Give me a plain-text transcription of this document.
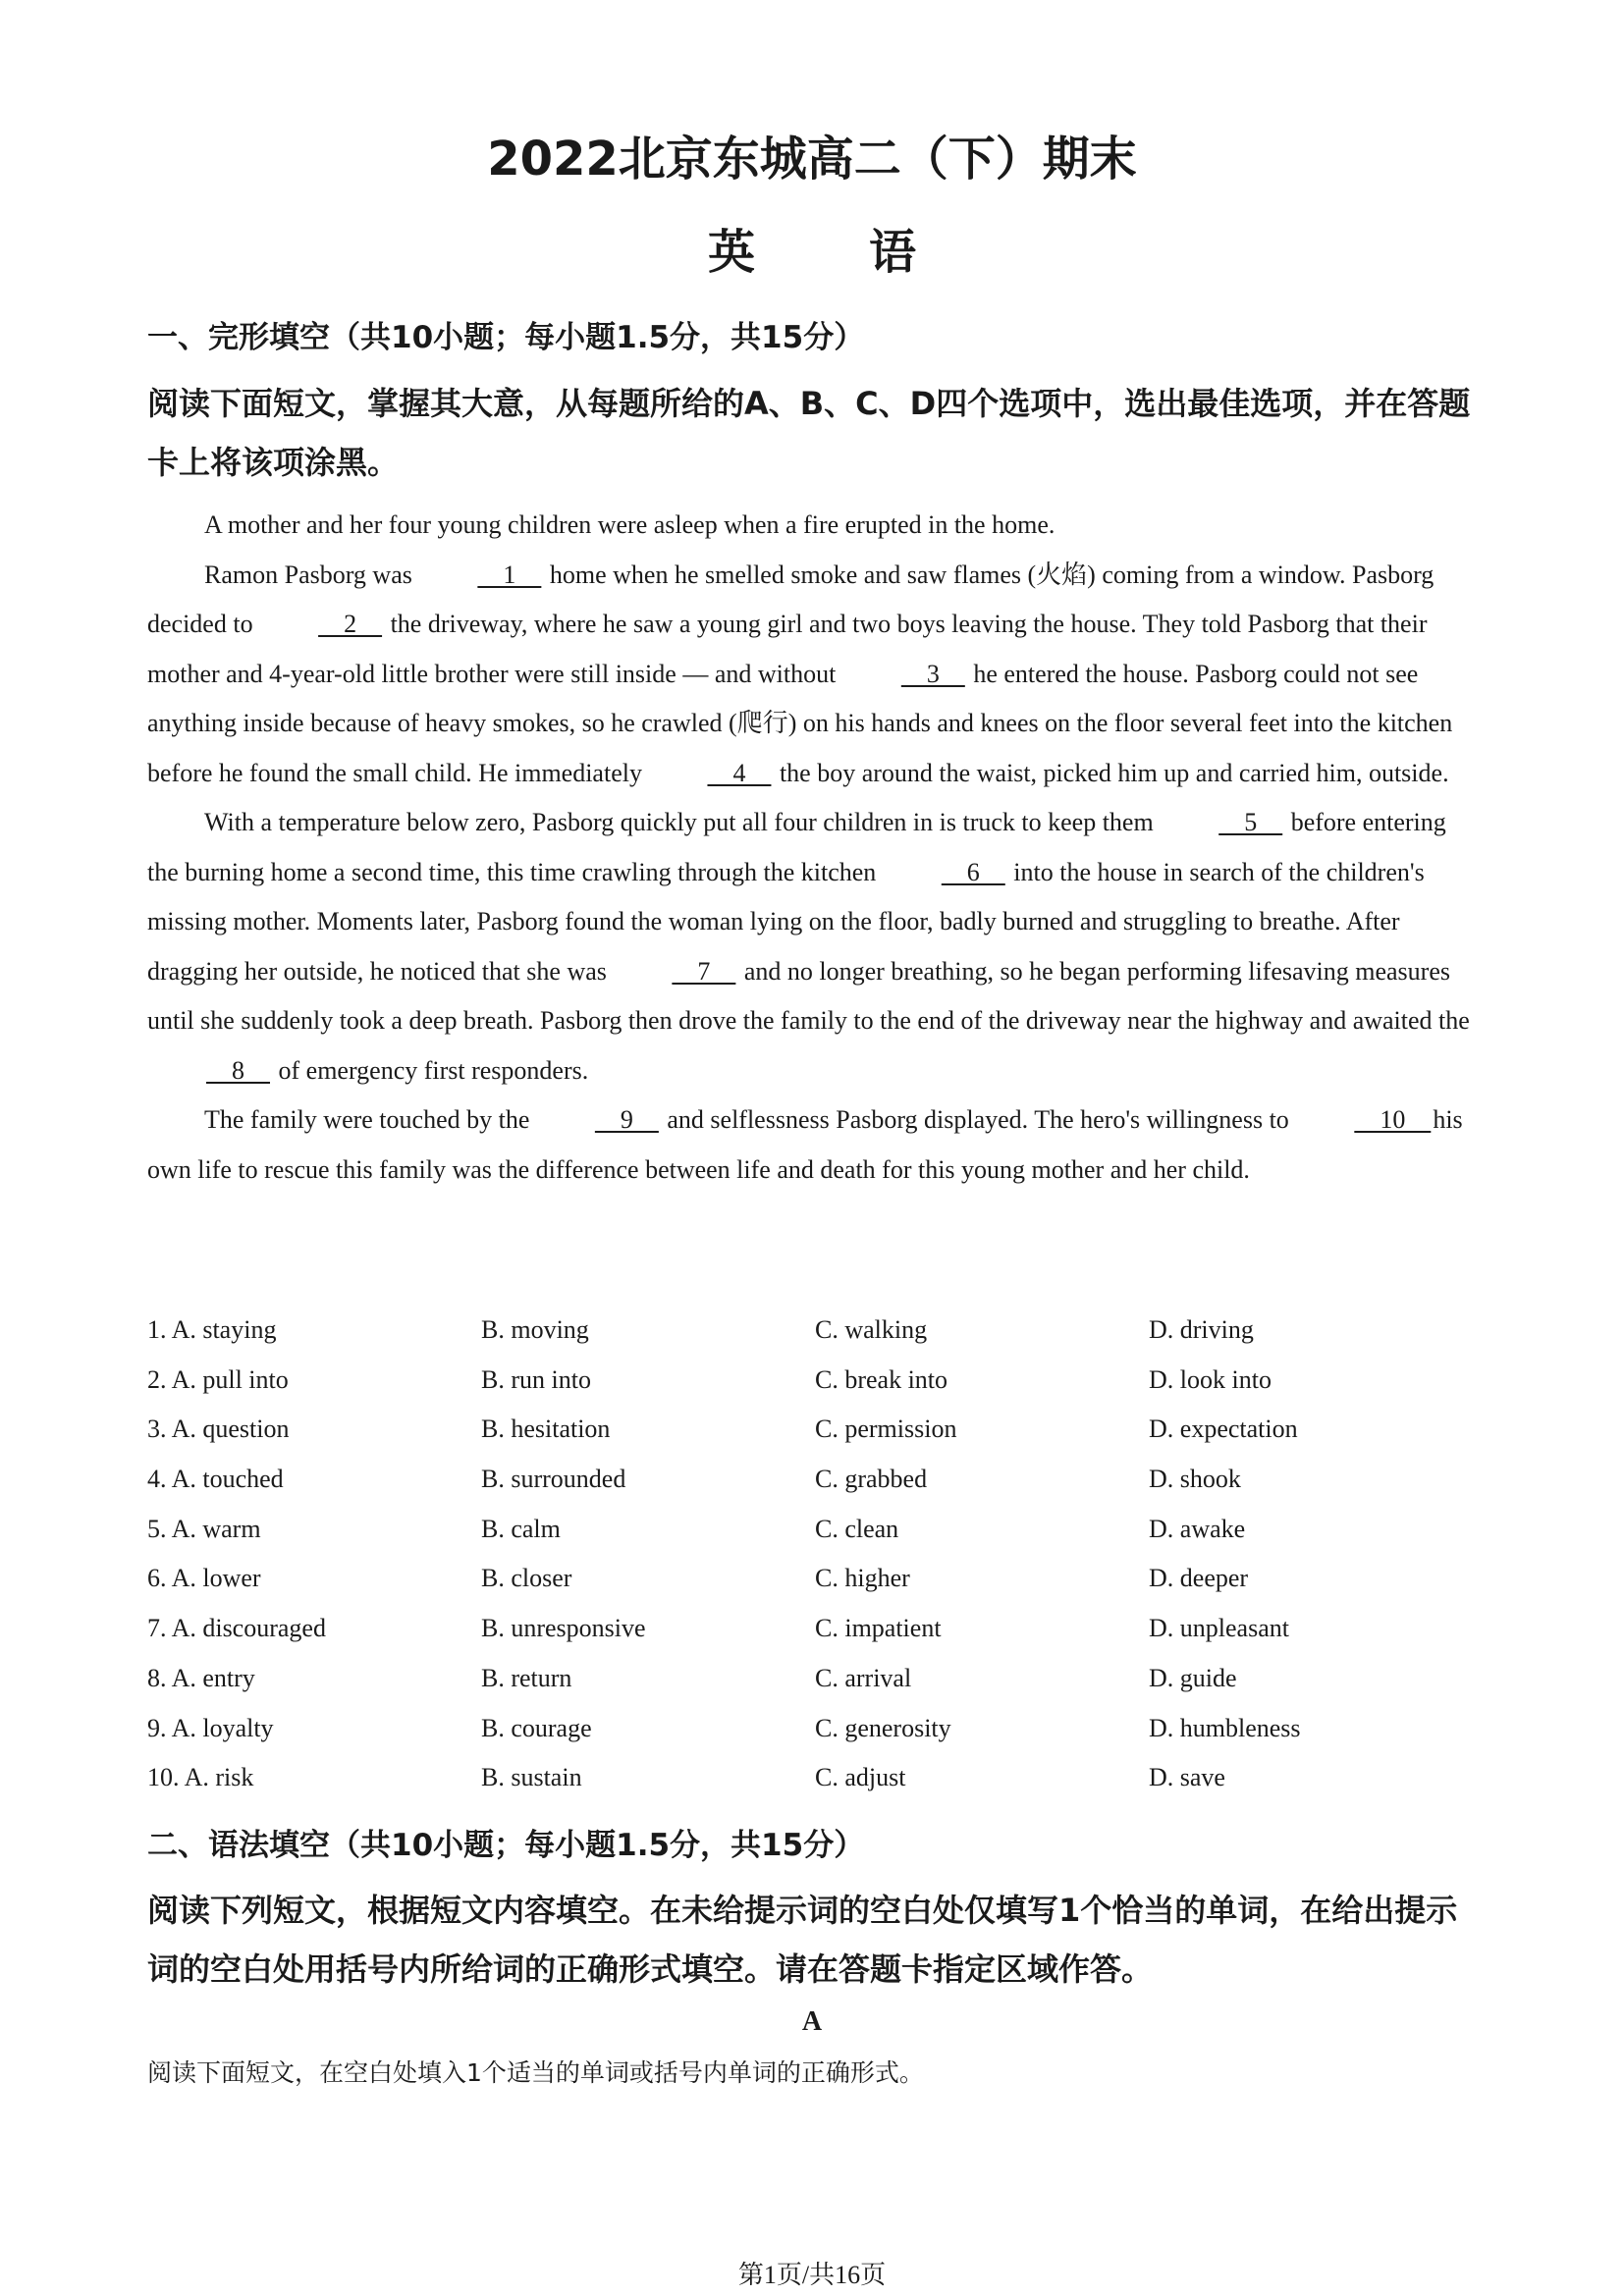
2022北京东城高二（下）期末
英 语
一、完形填空（共10小题；每小题1.5分，共15分）
阅读下面短文，掌握其大意，从每题所给的A、B、C、D四个选项中，选出最佳选项，并在答题卡上将该项涂黑。

A mother and her four young children were asleep when a fire erupted in the home.

Ramon Pasborg was     1     home when he smelled smoke and saw flames (火焰) coming from a window. Pasborg decided to     2     the driveway, where he saw a young girl and two boys leaving the house. They told Pasborg that their mother and 4-year-old little brother were still inside — and without     3     he entered the house. Pasborg could not see anything inside because of heavy smokes, so he crawled (爬行) on his hands and knees on the floor several feet into the kitchen before he found the small child. He immediately     4     the boy around the waist, picked him up and carried him, outside.

With a temperature below zero, Pasborg quickly put all four children in is truck to keep them     5     before entering the burning home a second time, this time crawling through the kitchen     6     into the house in search of the children's missing mother. Moments later, Pasborg found the woman lying on the floor, badly burned and struggling to breathe. After dragging her outside, he noticed that she was     7     and no longer breathing, so he began performing lifesaving measures until she suddenly took a deep breath. Pasborg then drove the family to the end of the driveway near the highway and awaited the     8     of emergency first responders.

The family were touched by the     9     and selflessness Pasborg displayed. The hero's willingness to     10    his own life to rescue this family was the difference between life and death for this young mother and her child.

1. A. staying	B. moving	C. walking	D. driving
2. A. pull into	B. run into	C. break into	D. look into
3. A. question	B. hesitation	C. permission	D. expectation
4. A. touched	B. surrounded	C. grabbed	D. shook
5. A. warm	B. calm	C. clean	D. awake
6. A. lower	B. closer	C. higher	D. deeper
7. A. discouraged	B. unresponsive	C. impatient	D. unpleasant
8. A. entry	B. return	C. arrival	D. guide
9. A. loyalty	B. courage	C. generosity	D. humbleness
10. A. risk	B. sustain	C. adjust	D. save
二、语法填空（共10小题；每小题1.5分，共15分）
阅读下列短文，根据短文内容填空。在未给提示词的空白处仅填写1个恰当的单词，在给出提示词的空白处用括号内所给词的正确形式填空。请在答题卡指定区域作答。
A
阅读下面短文，在空白处填入1个适当的单词或括号内单词的正确形式。
第1页/共16页
